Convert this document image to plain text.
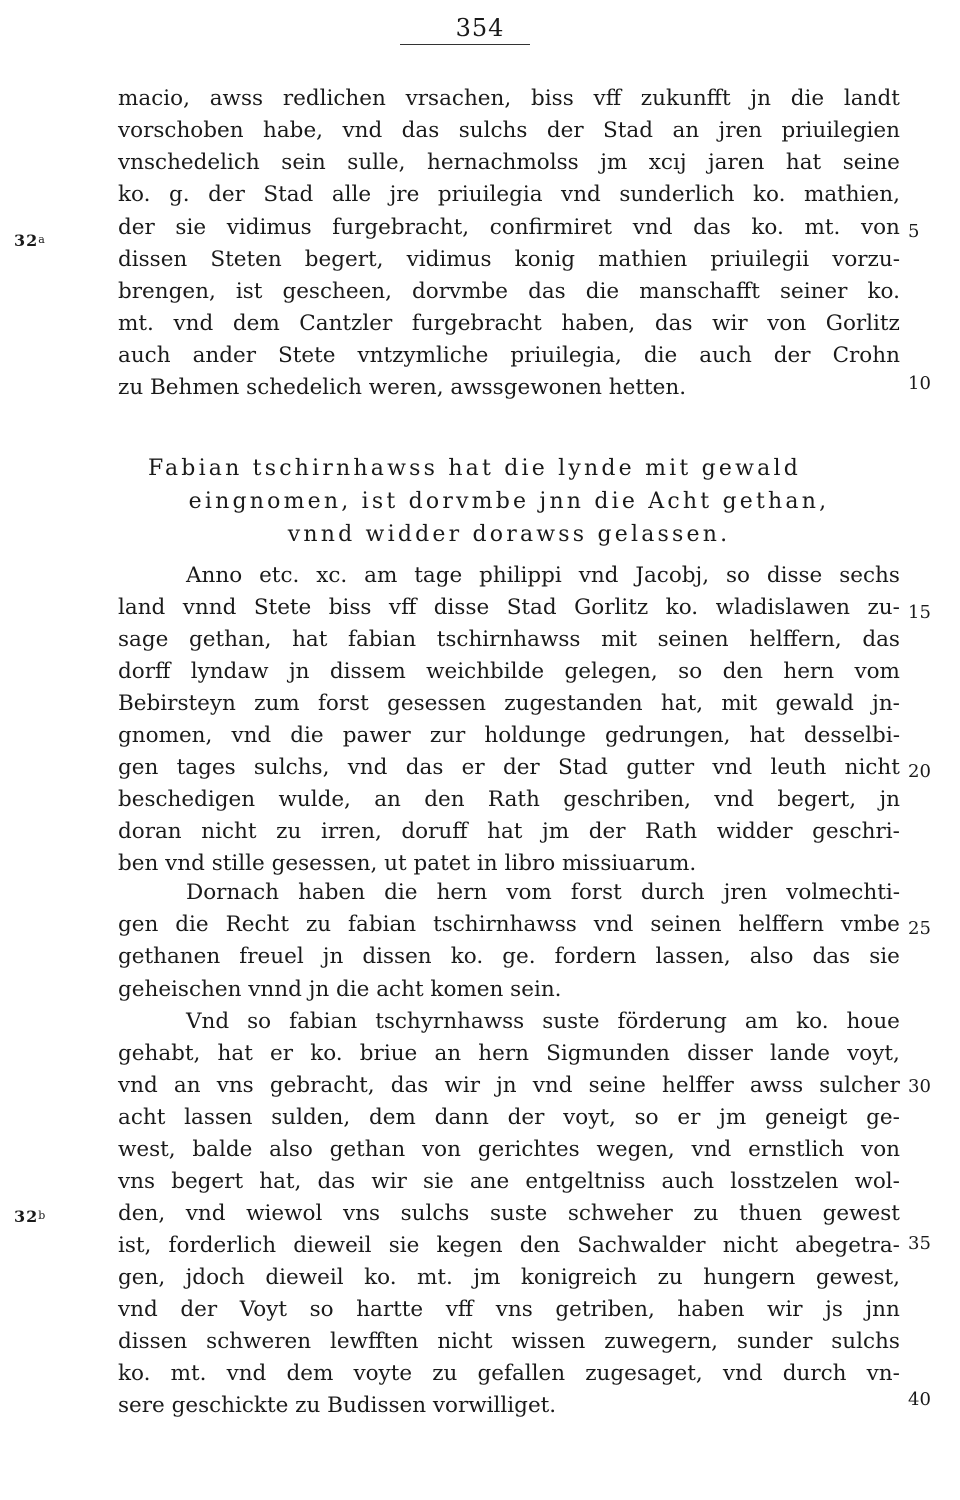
354
macio, awss redlichen vrsachen, biss vff zukunfft jn die landt
vorschoben habe, vnd das sulchs der Stad an jren priuilegien
vnschedelich sein sulle, hernachmolss jm xcıj jaren hat seine
ko. g. der Stad alle jre priuilegia vnd sunderlich ko. mathien,
der sie vidimus furgebracht, confirmiret vnd das ko. mt. von
dissen Steten begert, vidimus konig mathien priuilegii vorzu-
brengen, ist gescheen, dorvmbe das die manschafft seiner ko.
mt. vnd dem Cantzler furgebracht haben, das wir von Gorlitz
auch ander Stete vntzymliche priuilegia, die auch der Crohn
zu Behmen schedelich weren, awssgewonen hetten.
Fabian tschirnhawss hat die lynde mit gewald
eingnomen, ist dorvmbe jnn die Acht gethan,
vnnd widder dorawss gelassen.
Anno etc. xc. am tage philippi vnd Jacobj, so disse sechs
land vnnd Stete biss vff disse Stad Gorlitz ko. wladislawen zu-
sage gethan, hat fabian tschirnhawss mit seinen helffern, das
dorff lyndaw jn dissem weichbilde gelegen, so den hern vom
Bebirsteyn zum forst gesessen zugestanden hat, mit gewald jn-
gnomen, vnd die pawer zur holdunge gedrungen, hat desselbi-
gen tages sulchs, vnd das er der Stad gutter vnd leuth nicht
beschedigen wulde, an den Rath geschriben, vnd begert, jn
doran nicht zu irren, doruff hat jm der Rath widder geschri-
ben vnd stille gesessen, ut patet in libro missiuarum.
Dornach haben die hern vom forst durch jren volmechti-
gen die Recht zu fabian tschirnhawss vnd seinen helffern vmbe
gethanen freuel jn dissen ko. ge. fordern lassen, also das sie
geheischen vnnd jn die acht komen sein.
Vnd so fabian tschyrnhawss suste förderung am ko. houe
gehabt, hat er ko. briue an hern Sigmunden disser lande voyt,
vnd an vns gebracht, das wir jn vnd seine helffer awss sulcher
acht lassen sulden, dem dann der voyt, so er jm geneigt ge-
west, balde also gethan von gerichtes wegen, vnd ernstlich von
vns begert hat, das wir sie ane entgeltniss auch losstzelen wol-
den, vnd wiewol vns sulchs suste schweher zu thuen gewest
ist, forderlich dieweil sie kegen den Sachwalder nicht abegetra-
gen, jdoch dieweil ko. mt. jm konigreich zu hungern gewest,
vnd der Voyt so hartte vff vns getriben, haben wir js jnn
dissen schweren lewfften nicht wissen zuwegern, sunder sulchs
ko. mt. vnd dem voyte zu gefallen zugesaget, vnd durch vn-
sere geschickte zu Budissen vorwilliget.
5
10
15
20
25
30
35
40
32$^a$
32$^b$
